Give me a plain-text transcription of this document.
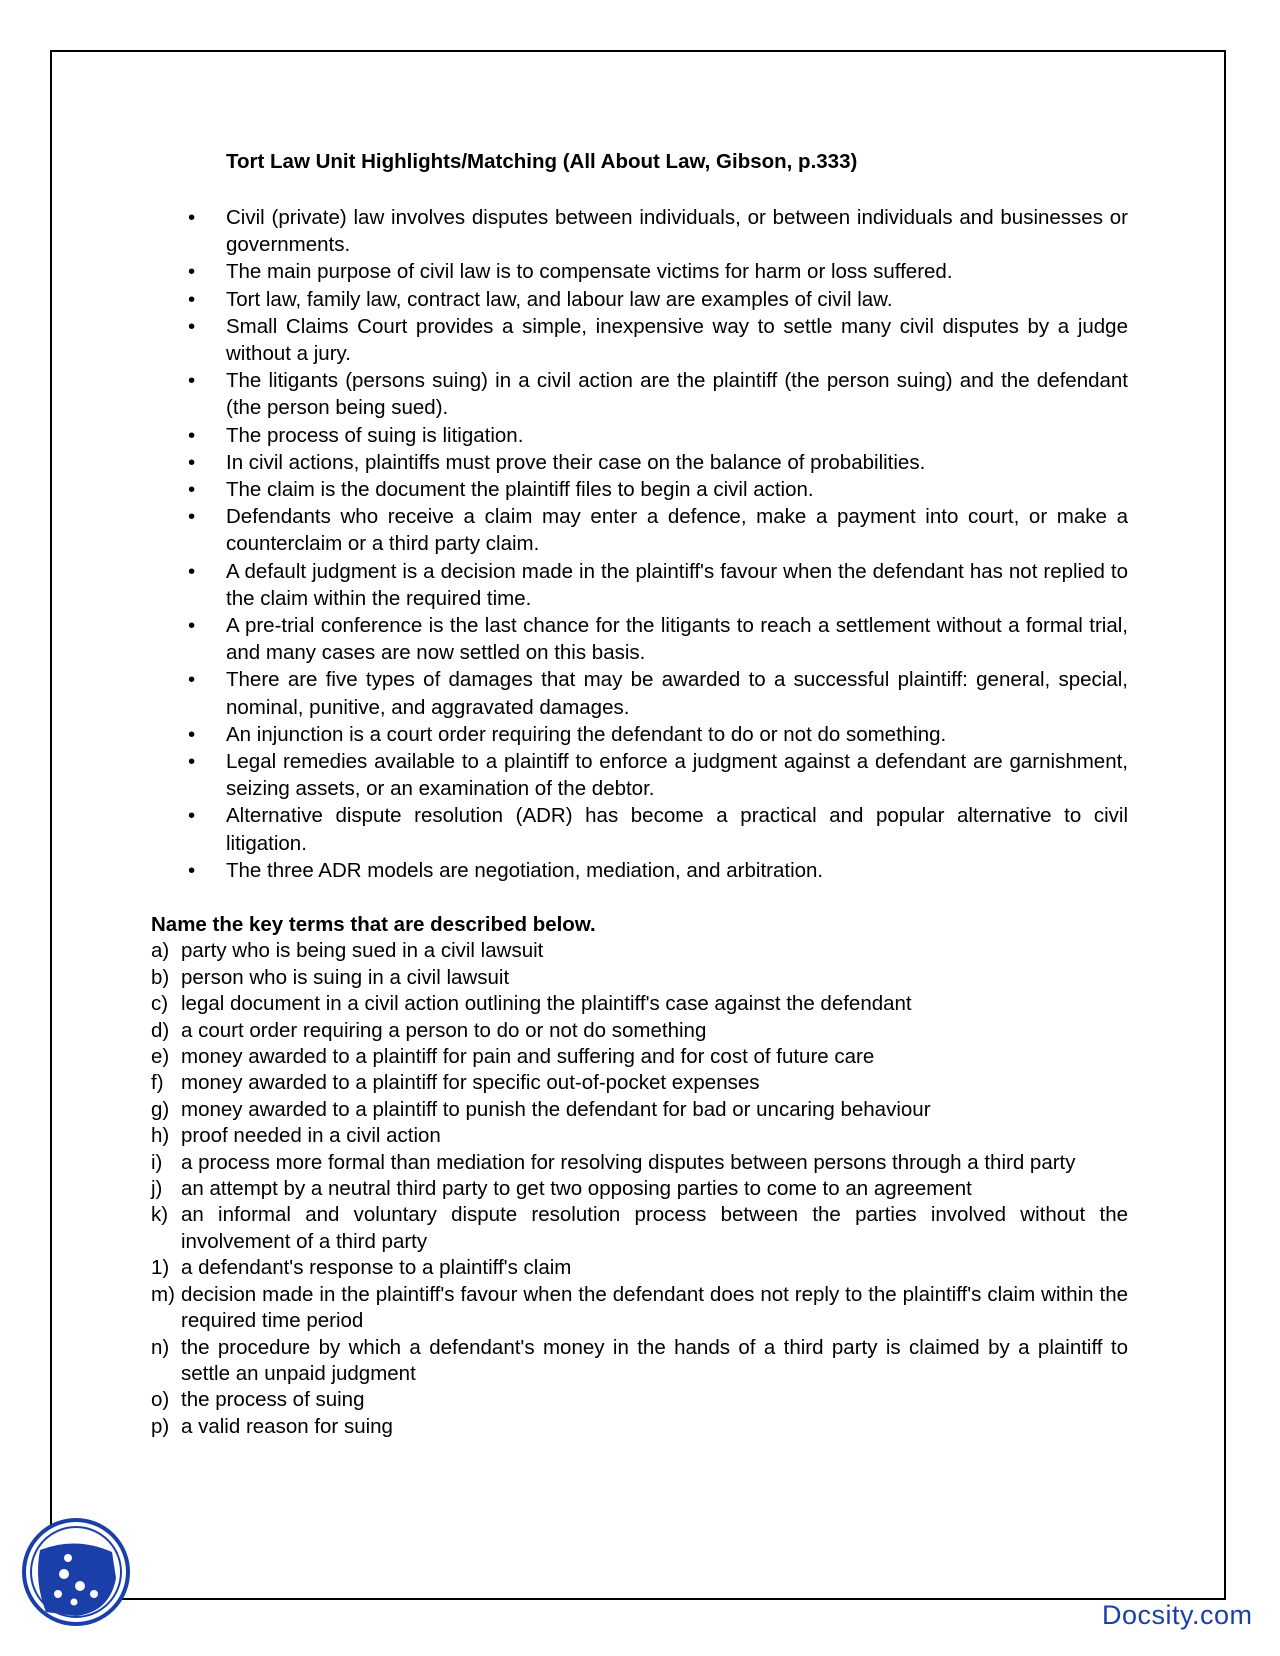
Tort Law Unit Highlights/Matching (All About Law, Gibson, p.333)
•	Civil (private) law involves disputes between individuals, or between individuals and businesses or governments.
•	The main purpose of civil law is to compensate victims for harm or loss suffered.
•	Tort law, family law, contract law, and labour law are examples of civil law.
•	Small Claims Court provides a simple, inexpensive way to settle many civil disputes by a judge without a jury.
•	The litigants (persons suing) in a civil action are the plaintiff (the person suing) and the defendant (the person being sued).
•	The process of suing is litigation.
•	In civil actions, plaintiffs must prove their case on the balance of probabilities.
•	The claim is the document the plaintiff files to begin a civil action.
•	Defendants who receive a claim may enter a defence, make a payment into court, or make a counterclaim or a third party claim.
•	A default judgment is a decision made in the plaintiff's favour when the defendant has not replied to the claim within the required time.
•	A pre-trial conference is the last chance for the litigants to reach a settlement without a formal trial, and many cases are now settled on this basis.
•	There are five types of damages that may be awarded to a successful plaintiff: general, special, nominal, punitive, and aggravated damages.
•	An injunction is a court order requiring the defendant to do or not do something.
•	Legal remedies available to a plaintiff to enforce a judgment against a defendant are garnishment, seizing assets, or an examination of the debtor.
•	Alternative dispute resolution (ADR) has become a practical and popular alternative to civil litigation.
•	The three ADR models are negotiation, mediation, and arbitration.

Name the key terms that are described below.

a) party who is being sued in a civil lawsuit
b) person who is suing in a civil lawsuit
c) legal document in a civil action outlining the plaintiff's case against the defendant
d) a court order requiring a person to do or not do something
e) money awarded to a plaintiff for pain and suffering and for cost of future care
f) money awarded to a plaintiff for specific out-of-pocket expenses
g) money awarded to a plaintiff to punish the defendant for bad or uncaring behaviour
h) proof needed in a civil action
i) a process more formal than mediation for resolving disputes between persons through a third party
j) an attempt by a neutral third party to get two opposing parties to come to an agreement
k) an informal and voluntary dispute resolution process between the parties involved without the involvement of a third party
1) a defendant's response to a plaintiff's claim
m) decision made in the plaintiff's favour when the defendant does not reply to the plaintiff's claim within the required time period
n) the procedure by which a defendant's money in the hands of a third party is claimed by a plaintiff to settle an unpaid judgment
o) the process of suing
p) a valid reason for suing
Docsity.com
